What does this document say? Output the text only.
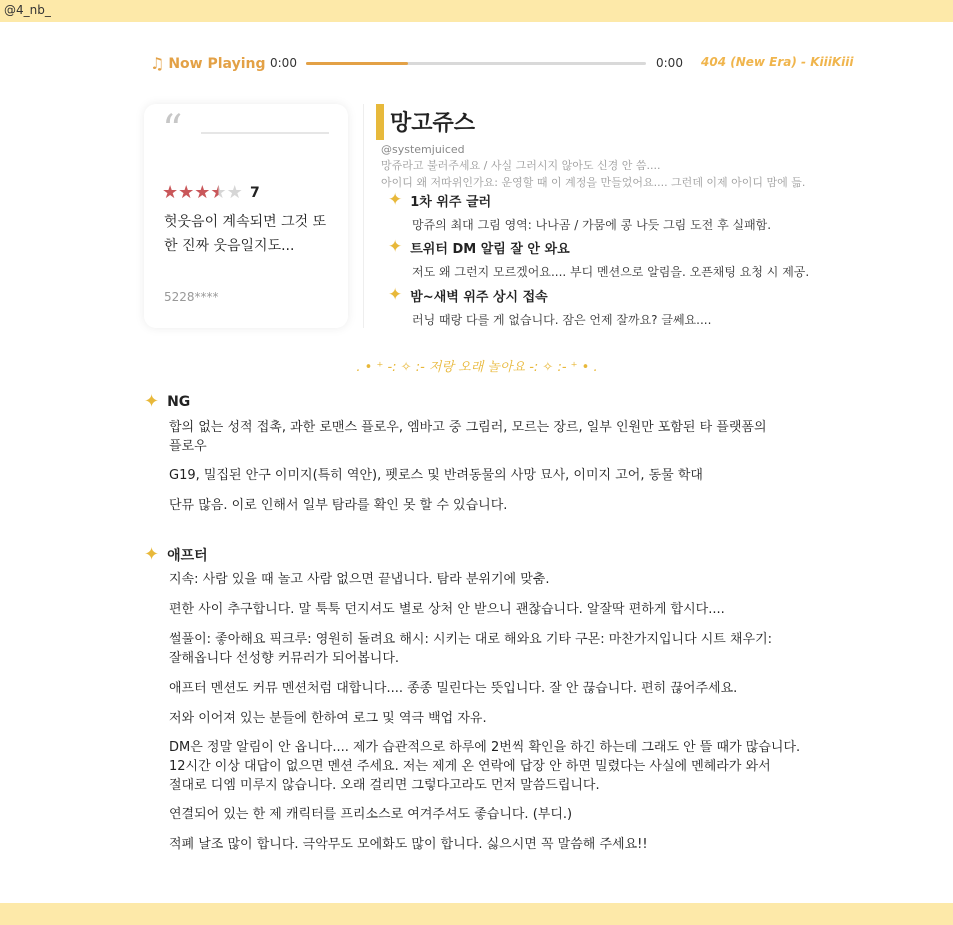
@4_nb_
♫ Now Playing 0:00	0:00 404 (New Era) - KiiiKiii
“
★ ★ ★ ★ ★ 7
헛웃음이 계속되면 그것 또
한 진짜 웃음일지도...
5228****
망고쥬스
@systemjuiced
망쥬라고 불러주세요 / 사실 그러시지 않아도 신경 안 씀....
아이디 왜 저따위인가요: 운영할 때 이 계정을 만들었어요.... 그런데 이제 아이디 맘에 듦.
✦ 1차 위주 글러
망쥬의 최대 그림 영역: 나나곰 / 가뭄에 콩 나듯 그림 도전 후 실패함.
✦ 트위터 DM 알림 잘 안 와요
저도 왜 그런지 모르겠어요.... 부디 멘션으로 알림을. 오픈채팅 요청 시 제공.
✦ 밤~새벽 위주 상시 접속
러닝 때랑 다를 게 없습니다. 잠은 언제 잘까요? 글쎄요....
. • ⁺ -: ✧ :- 저랑 오래 놀아요 -: ✧ :- ⁺ • .
✦ NG
합의 없는 성적 접촉, 과한 로맨스 플로우, 엠바고 중 그림러, 모르는 장르, 일부 인원만 포함된 타 플랫폼의
플로우
G19, 밀집된 안구 이미지(특히 역안), 펫로스 및 반려동물의 사망 묘사, 이미지 고어, 동물 학대
단뮤 많음. 이로 인해서 일부 탐라를 확인 못 할 수 있습니다.
✦ 애프터
지속: 사람 있을 때 놀고 사람 없으면 끝냅니다. 탐라 분위기에 맞춤.
편한 사이 추구합니다. 말 툭툭 던지셔도 별로 상처 안 받으니 괜찮습니다. 알잘딱 편하게 합시다....
썰풀이: 좋아해요 픽크루: 영원히 돌려요 해시: 시키는 대로 해와요 기타 구몬: 마찬가지입니다 시트 채우기:
잘해옵니다 선성향 커뮤러가 되어봅니다.
애프터 멘션도 커뮤 멘션처럼 대합니다.... 종종 밀린다는 뜻입니다. 잘 안 끊습니다. 편히 끊어주세요.
저와 이어져 있는 분들에 한하여 로그 및 역극 백업 자유.
DM은 정말 알림이 안 옵니다.... 제가 습관적으로 하루에 2번씩 확인을 하긴 하는데 그래도 안 뜰 때가 많습니다.
12시간 이상 대답이 없으면 멘션 주세요. 저는 제게 온 연락에 답장 안 하면 밀렸다는 사실에 멘헤라가 와서
절대로 디엠 미루지 않습니다. 오래 걸리면 그렇다고라도 먼저 말씀드립니다.
연결되어 있는 한 제 캐릭터를 프리소스로 여겨주셔도 좋습니다. (부디.)
적폐 날조 많이 합니다. 극악무도 모에화도 많이 합니다. 싫으시면 꼭 말씀해 주세요!!
